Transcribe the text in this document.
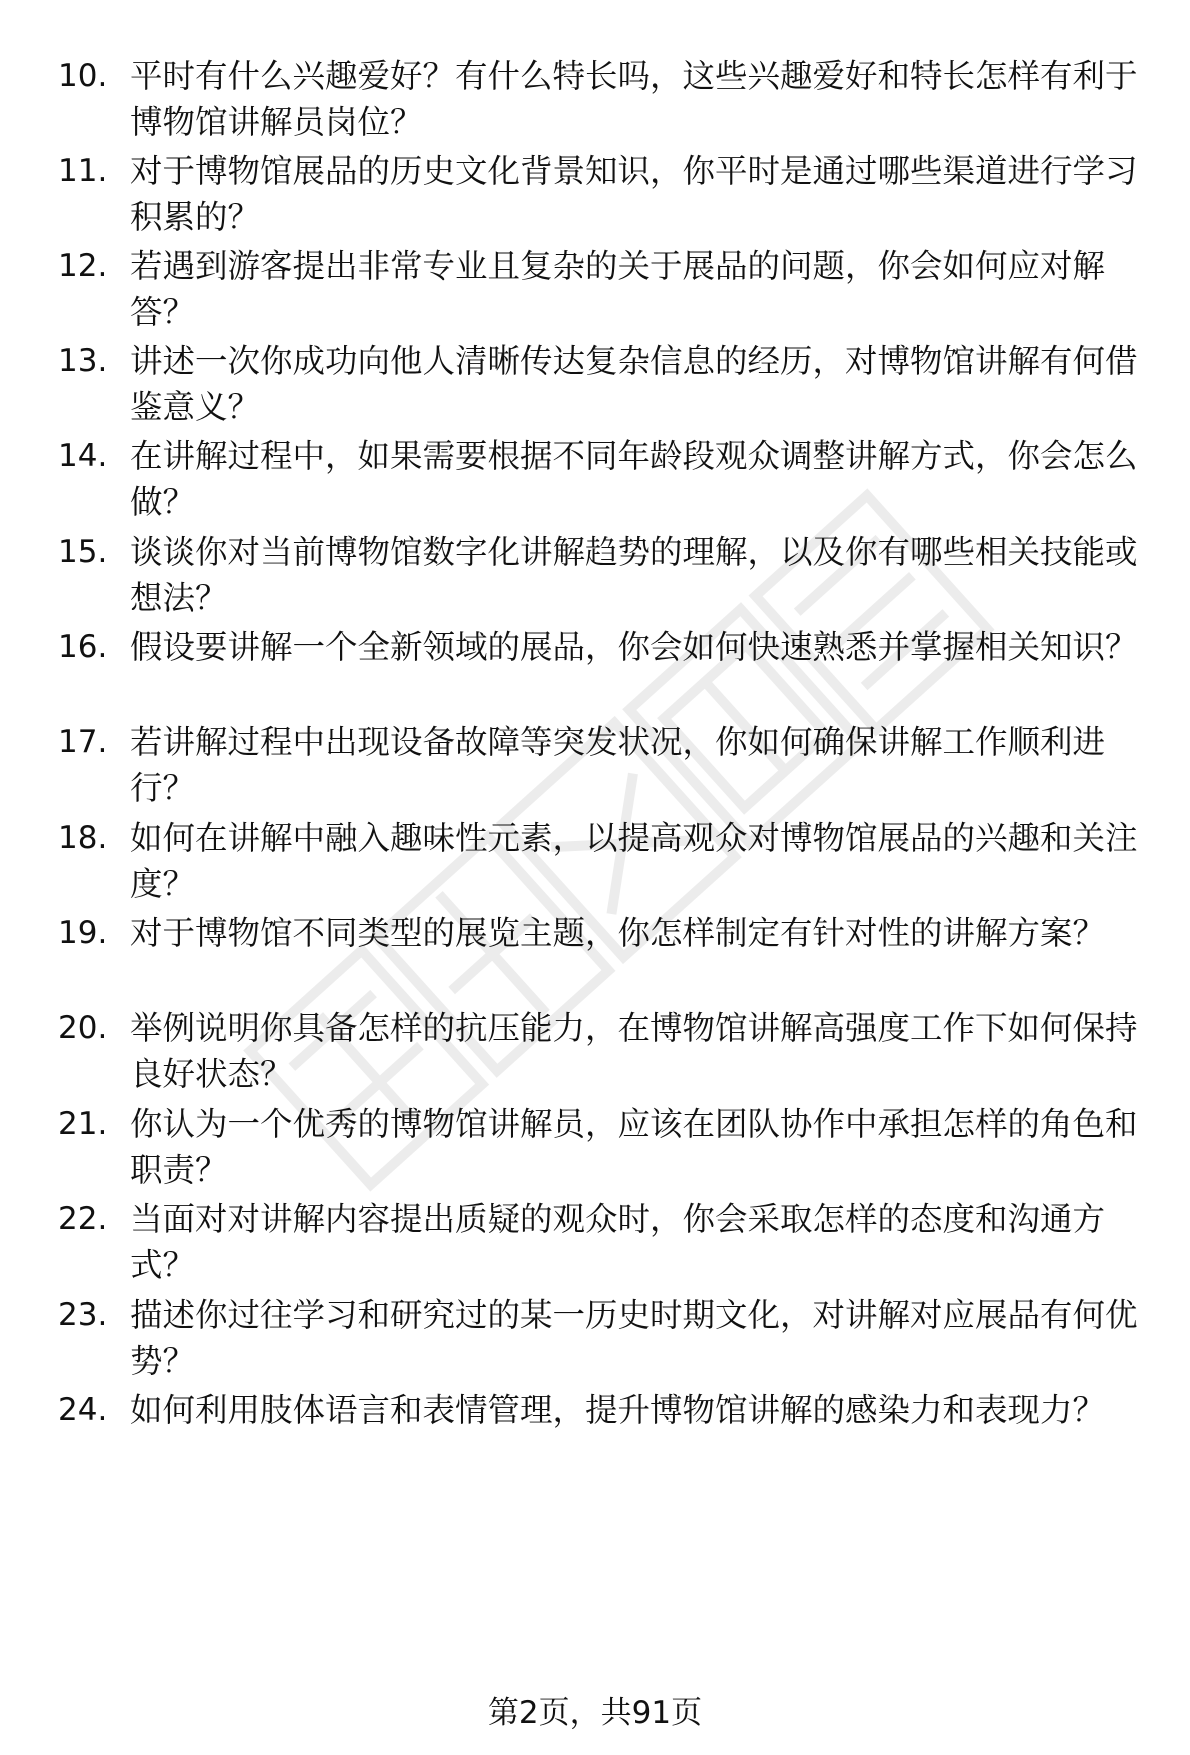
10. 平时有什么兴趣爱好？有什么特长吗，这些兴趣爱好和特长怎样有利于博物馆讲解员岗位？
11. 对于博物馆展品的历史文化背景知识，你平时是通过哪些渠道进行学习积累的？
12. 若遇到游客提出非常专业且复杂的关于展品的问题，你会如何应对解答？
13. 讲述一次你成功向他人清晰传达复杂信息的经历，对博物馆讲解有何借鉴意义？
14. 在讲解过程中，如果需要根据不同年龄段观众调整讲解方式，你会怎么做？
15. 谈谈你对当前博物馆数字化讲解趋势的理解，以及你有哪些相关技能或想法？
16. 假设要讲解一个全新领域的展品，你会如何快速熟悉并掌握相关知识？
17. 若讲解过程中出现设备故障等突发状况，你如何确保讲解工作顺利进行？
18. 如何在讲解中融入趣味性元素，以提高观众对博物馆展品的兴趣和关注度？
19. 对于博物馆不同类型的展览主题，你怎样制定有针对性的讲解方案？
20. 举例说明你具备怎样的抗压能力，在博物馆讲解高强度工作下如何保持良好状态？
21. 你认为一个优秀的博物馆讲解员，应该在团队协作中承担怎样的角色和职责？
22. 当面对对讲解内容提出质疑的观众时，你会采取怎样的态度和沟通方式？
23. 描述你过往学习和研究过的某一历史时期文化，对讲解对应展品有何优势？
24. 如何利用肢体语言和表情管理，提升博物馆讲解的感染力和表现力？
第2页，共91页
